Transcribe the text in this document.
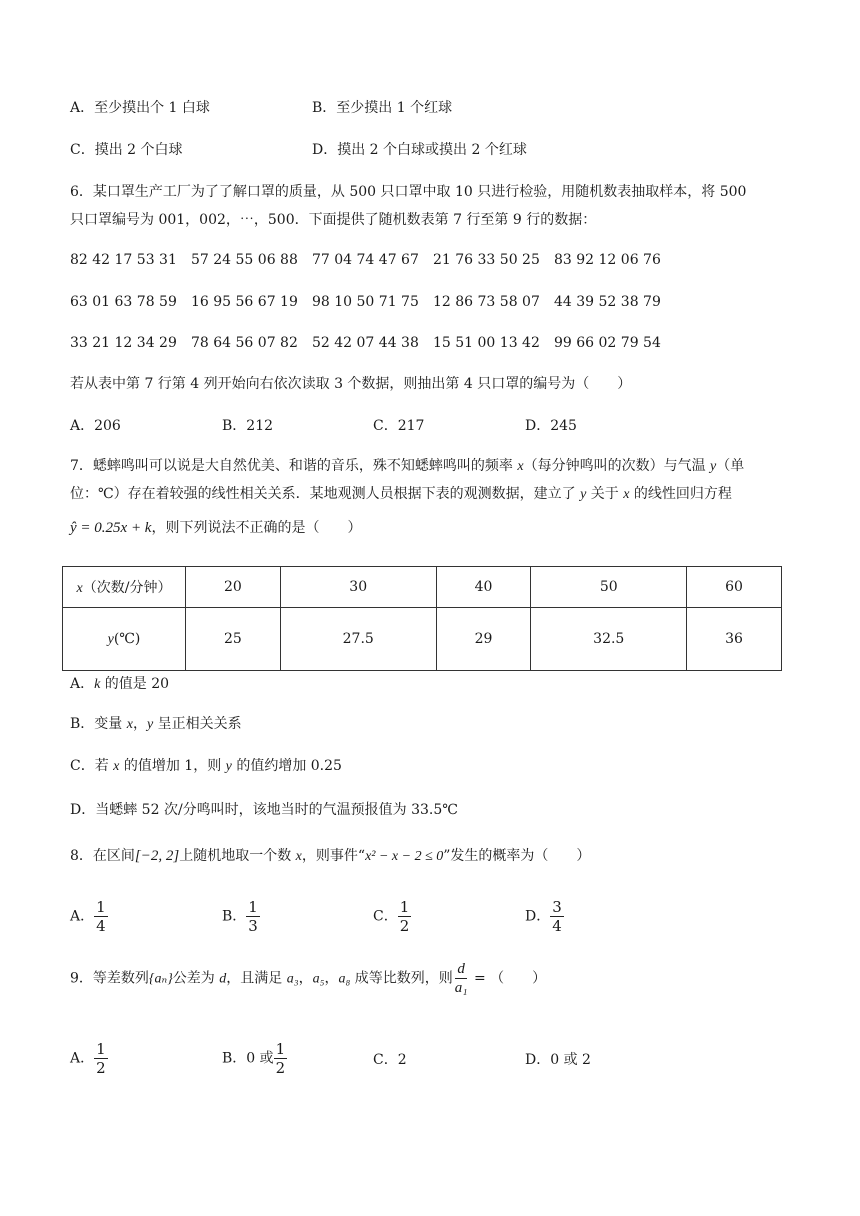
A．至少摸出个 1 白球	B．至少摸出 1 个红球
C．摸出 2 个白球	D．摸出 2 个白球或摸出 2 个红球
6．某口罩生产工厂为了了解口罩的质量，从 500 只口罩中取 10 只进行检验，用随机数表抽取样本，将 500
只口罩编号为 001，002，⋯，500．下面提供了随机数表第 7 行至第 9 行的数据：
82 42 17 53 31 57 24 55 06 88 77 04 74 47 67 21 76 33 50 25 83 92 12 06 76
63 01 63 78 59 16 95 56 67 19 98 10 50 71 75 12 86 73 58 07 44 39 52 38 79
33 21 12 34 29 78 64 56 07 82 52 42 07 44 38 15 51 00 13 42 99 66 02 79 54
若从表中第 7 行第 4 列开始向右依次读取 3 个数据，则抽出第 4 只口罩的编号为（　　）
A．206	B．212	C．217	D．245
7．蟋蟀鸣叫可以说是大自然优美、和谐的音乐，殊不知蟋蟀鸣叫的频率 x（每分钟鸣叫的次数）与气温 y（单
位：℃）存在着较强的线性相关关系．某地观测人员根据下表的观测数据，建立了 y 关于 x 的线性回归方程
ŷ = 0.25x + k，则下列说法不正确的是（　　）
x（次数/分钟）	20	30	40	50	60
y(℃)	25	27.5	29	32.5	36
A．k 的值是 20
B．变量 x，y 呈正相关关系
C．若 x 的值增加 1，则 y 的值约增加 0.25
D．当蟋蟀 52 次/分鸣叫时，该地当时的气温预报值为 33.5℃
8．在区间[−2, 2]上随机地取一个数 x，则事件“x² − x − 2 ≤ 0”发生的概率为（　　）
A． $\frac{1}{4}$	B． $\frac{1}{3}$	C． $\frac{1}{2}$	D． $\frac{3}{4}$
9．等差数列{aₙ}公差为 d，且满足 a₃，a₅，a₈ 成等比数列，则 $\frac{d}{\text{a₁}}$ = （　　）
A． $\frac{1}{2}$	B．0 或 $\frac{1}{2}$	C．2	D．0 或 2
